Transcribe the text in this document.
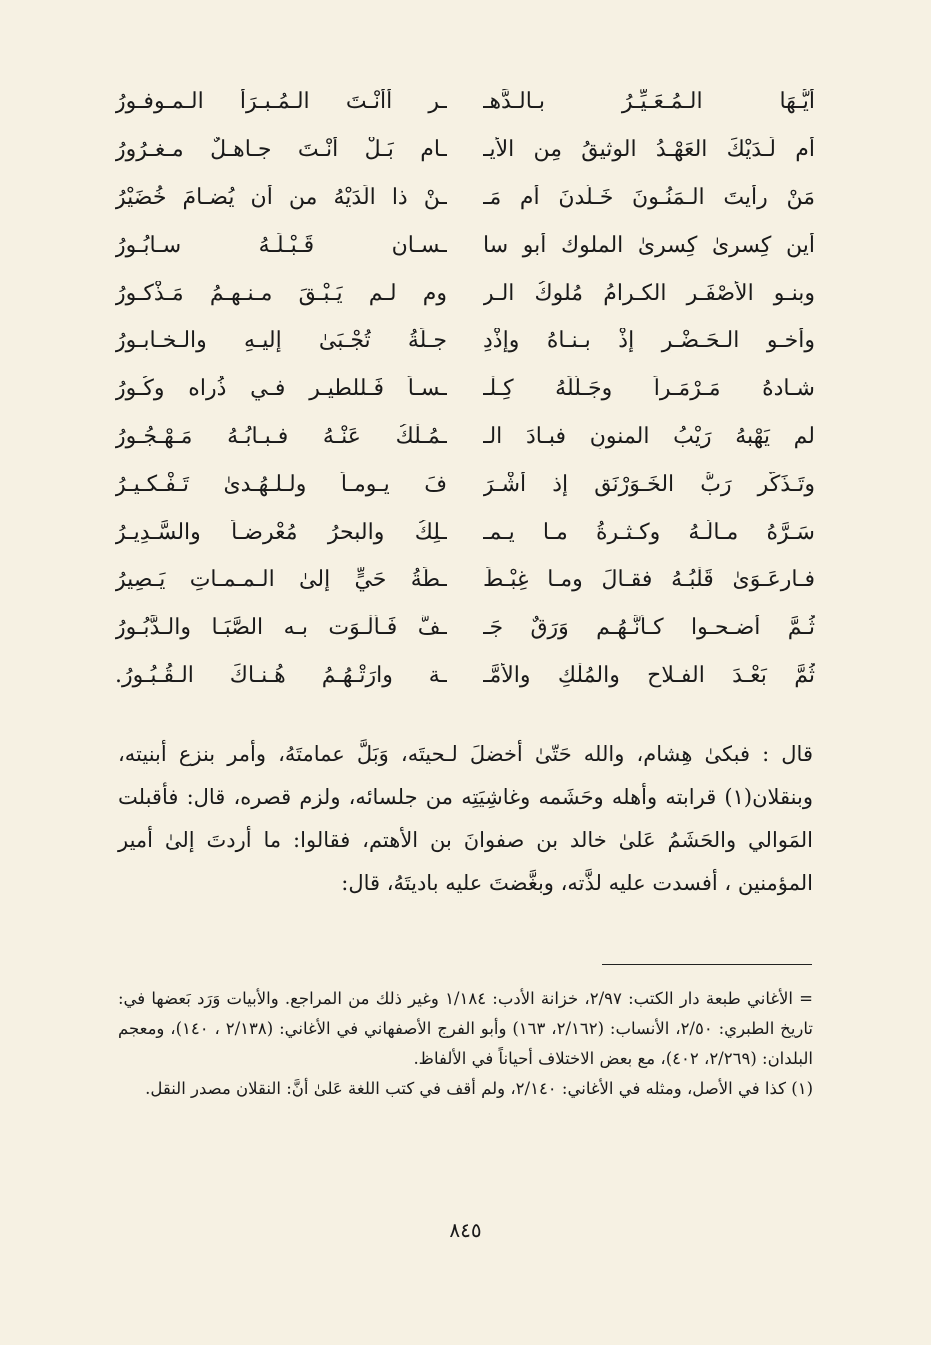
أَيُّـهَا الـمُـعَـيِّـرُ بـالـدَّهـ
ـرِ أأَنْـتَ الـمُـبـرَأُ الـمـوفـورُ
أم لَـدَيْكَ العَهْـدُ الوثيقُ مِن الأيـ
ـامِ بَـلْ أَنْـتَ جـاهـلٌ مـغـرُورُ
مَنْ رأيتَ الـمَنُـونَ خَـلَّدنَ أم مَـ
ـنْ ذا الَدَيْهُ من أن يُضـامَ خُضَيْرُ
أين كِسرىٰ كِسرىٰ الملوك أبو سا
ـسـان قَـبْـلَـهُ سـابُـورُ
وبنـو الأَصْفَـر الكـرامُ مُلوكُ الـر
وم لـم يَـبْـقَ مـنـهـمُ مَـذْكـورُ
وأخـو الـحَـضْـرِ إذْ بـنـاهُ وإذْدِ
جـلَةُ تُجْـبَىٰ إليـهِ والـخـابـورُ
شـادهُ مَـرْمَـراً وجَـلَّلَهُ كِـلْـ
ـسـاً فَـللطيـر فـي ذُراه وكُـورُ
لم يَهْبهُ رَيْبُ المنونِ فبـادَ الـ
ـمُـلْكُ عَنْـهُ فـبـابُـهُ مَـهْـجُـورُ
وتَـذَكَّر رَبُّ الخَـوَرْنَق إذ أشْـرَ
فَ يـومـاً ولـلـهُـدىٰ تَـفْـكـيـرُ
سَـرَّهُ مـالُـهُ وكـثـرةُ مـا يـمـ
ـلِكُ والبحرُ مُعْرضـاً والسَّـدِيـرُ
فـارعَـوَىٰ قَلْبُـهُ فقـالَ ومـا غِبْـطَ
ـطَةُ حَيٍّ إلىٰ الـمـمـاتِ يَـصِيرُ
ثُـمَّ أضـحـوا كـأَنَّـهُـم وَرَقٌ جَـ
ـفَّ فَـألْـوَت بـه الصَّبَـا والـدَّبُـورُ
ثُمَّ بَعْـدَ الفـلاحِ والمُلْكِ والأمَّـ
ـة وارَتْـهُـمُ هُـنـاكَ الـقُـبُـورُ.

قال : فبكىٰ هِشام، والله حَتّىٰ أخضلَ لـحيتَه، وَبَلَّ عمامتَهُ، وأمر بنزع أبنيته، وبنقلان(١) قرابته وأهله وحَشَمه وغاشِيَتِه من جلسائه، ولزم قصره، قال: فأقبلت المَوالي والحَشَمُ عَلىٰ خالد بن صفوانَ بن الأهتم، فقالوا: ما أردتَ إلىٰ أمير المؤمنين ، أفسدت عليه لذَّته، وبغَّضتَ عليه باديتَهُ، قال:

= الأغاني طبعة دار الكتب: ٢/٩٧، خزانة الأدب: ١/١٨٤ وغير ذلك من المراجع. والأبيات وَرَد بَعضها في: تاريخ الطبري: ٢/٥٠، الأنساب: (٢/١٦٢، ١٦٣) وأبو الفرج الأصفهاني في الأغاني: (٢/١٣٨ ، ١٤٠)، ومعجم البلدان: (٢/٢٦٩، ٤٠٢)، مع بعض الاختلاف أحياناً في الألفاظ.

(١) كذا في الأصل، ومثله في الأغاني: ٢/١٤٠، ولم أقف في كتب اللغة عَلىٰ أنَّ: النقلان مصدر النقل.

٨٤٥
